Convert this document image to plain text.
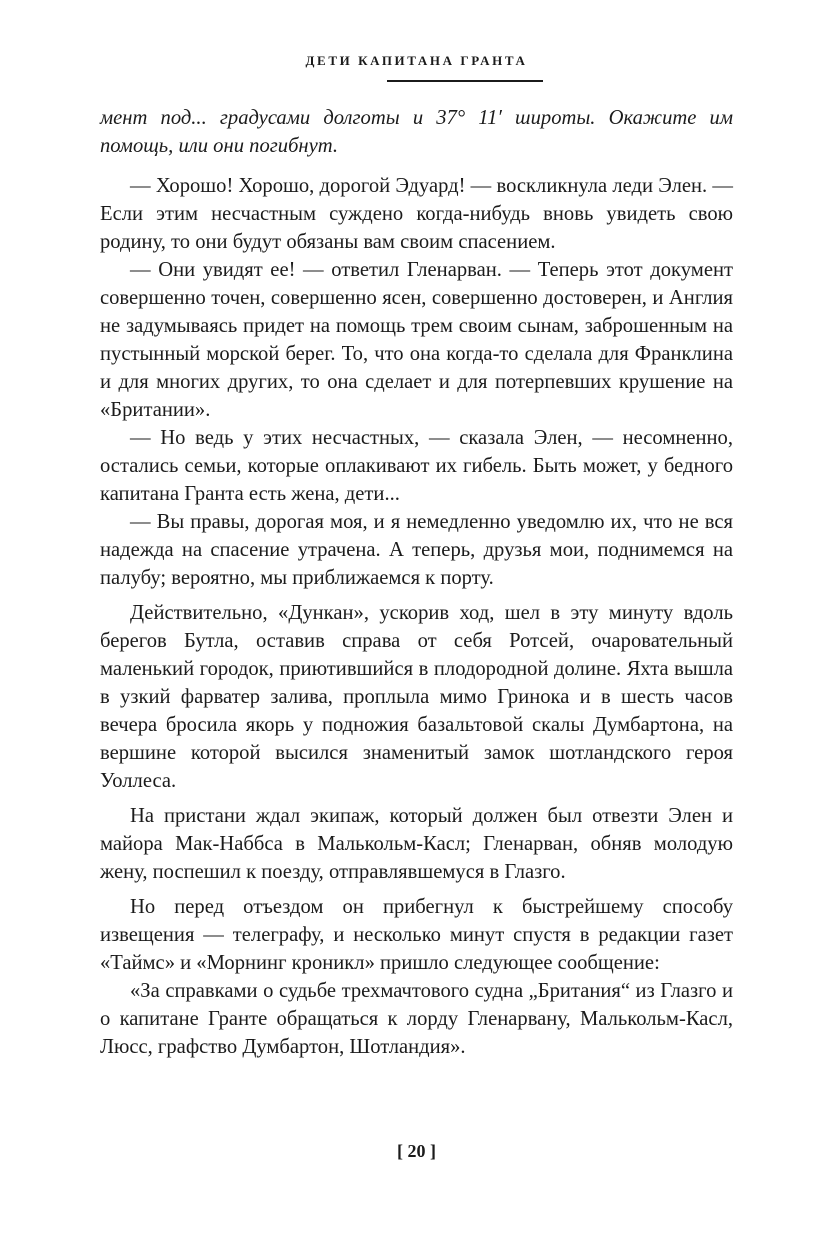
ДЕТИ КАПИТАНА ГРАНТА

мент под... градусами долготы и 37° 11′ широты. Окажите им помощь, или они погибнут.

— Хорошо! Хорошо, дорогой Эдуард! — воскликнула леди Элен. — Если этим несчастным суждено когда-нибудь вновь увидеть свою родину, то они будут обязаны вам своим спасением.

— Они увидят ее! — ответил Гленарван. — Теперь этот документ совершенно точен, совершенно ясен, совершенно достоверен, и Англия не задумываясь придет на помощь трем своим сынам, заброшенным на пустынный морской берег. То, что она когда-то сделала для Франклина и для многих других, то она сделает и для потерпевших крушение на «Британии».

— Но ведь у этих несчастных, — сказала Элен, — несомненно, остались семьи, которые оплакивают их гибель. Быть может, у бедного капитана Гранта есть жена, дети...

— Вы правы, дорогая моя, и я немедленно уведомлю их, что не вся надежда на спасение утрачена. А теперь, друзья мои, поднимемся на палубу; вероятно, мы приближаемся к порту.

Действительно, «Дункан», ускорив ход, шел в эту минуту вдоль берегов Бутла, оставив справа от себя Ротсей, очаровательный маленький городок, приютившийся в плодородной долине. Яхта вышла в узкий фарватер залива, проплыла мимо Гринока и в шесть часов вечера бросила якорь у подножия базальтовой скалы Думбартона, на вершине которой высился знаменитый замок шотландского героя Уоллеса.

На пристани ждал экипаж, который должен был отвезти Элен и майора Мак-Наббса в Малькольм-Касл; Гленарван, обняв молодую жену, поспешил к поезду, отправлявшемуся в Глазго.

Но перед отъездом он прибегнул к быстрейшему способу извещения — телеграфу, и несколько минут спустя в редакции газет «Таймс» и «Морнинг кроникл» пришло следующее сообщение:

«За справками о судьбе трехмачтового судна „Британия“ из Глазго и о капитане Гранте обращаться к лорду Гленарвану, Малькольм-Касл, Люсс, графство Думбартон, Шотландия».

[ 20 ]
